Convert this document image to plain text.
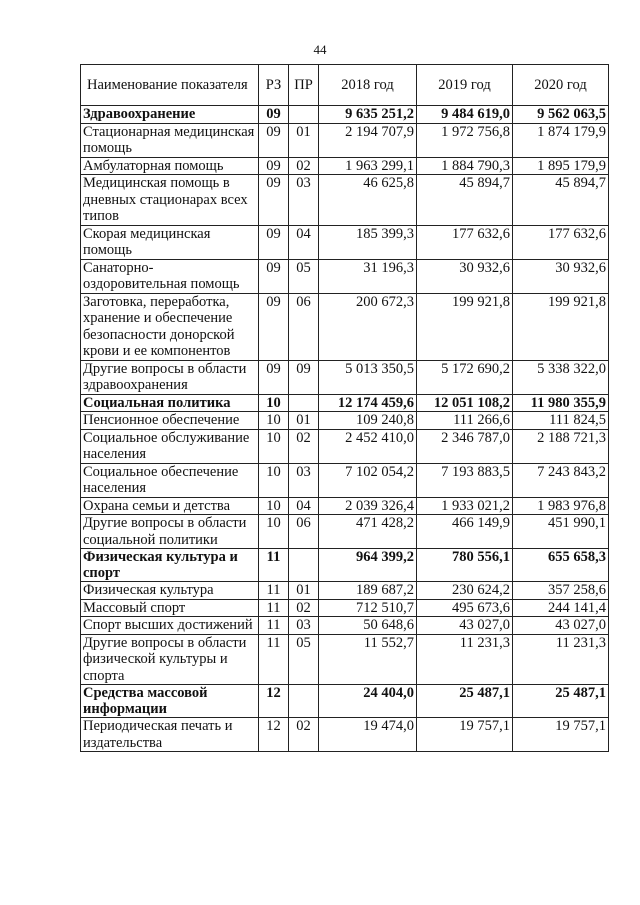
44
Наименование показателя	РЗ	ПР	2018 год	2019 год	2020 год
Здравоохранение	09		9 635 251,2	9 484 619,0	9 562 063,5
Стационарная медицинская помощь	09	01	2 194 707,9	1 972 756,8	1 874 179,9
Амбулаторная помощь	09	02	1 963 299,1	1 884 790,3	1 895 179,9
Медицинская помощь в дневных стационарах всех типов	09	03	46 625,8	45 894,7	45 894,7
Скорая медицинская помощь	09	04	185 399,3	177 632,6	177 632,6
Санаторно-оздоровительная помощь	09	05	31 196,3	30 932,6	30 932,6
Заготовка, переработка, хранение и обеспечение безопасности донорской крови и ее компонентов	09	06	200 672,3	199 921,8	199 921,8
Другие вопросы в области здравоохранения	09	09	5 013 350,5	5 172 690,2	5 338 322,0
Социальная политика	10		12 174 459,6	12 051 108,2	11 980 355,9
Пенсионное обеспечение	10	01	109 240,8	111 266,6	111 824,5
Социальное обслуживание населения	10	02	2 452 410,0	2 346 787,0	2 188 721,3
Социальное обеспечение населения	10	03	7 102 054,2	7 193 883,5	7 243 843,2
Охрана семьи и детства	10	04	2 039 326,4	1 933 021,2	1 983 976,8
Другие вопросы в области социальной политики	10	06	471 428,2	466 149,9	451 990,1
Физическая культура и спорт	11		964 399,2	780 556,1	655 658,3
Физическая культура	11	01	189 687,2	230 624,2	357 258,6
Массовый спорт	11	02	712 510,7	495 673,6	244 141,4
Спорт высших достижений	11	03	50 648,6	43 027,0	43 027,0
Другие вопросы в области физической культуры и спорта	11	05	11 552,7	11 231,3	11 231,3
Средства массовой информации	12		24 404,0	25 487,1	25 487,1
Периодическая печать и издательства	12	02	19 474,0	19 757,1	19 757,1
